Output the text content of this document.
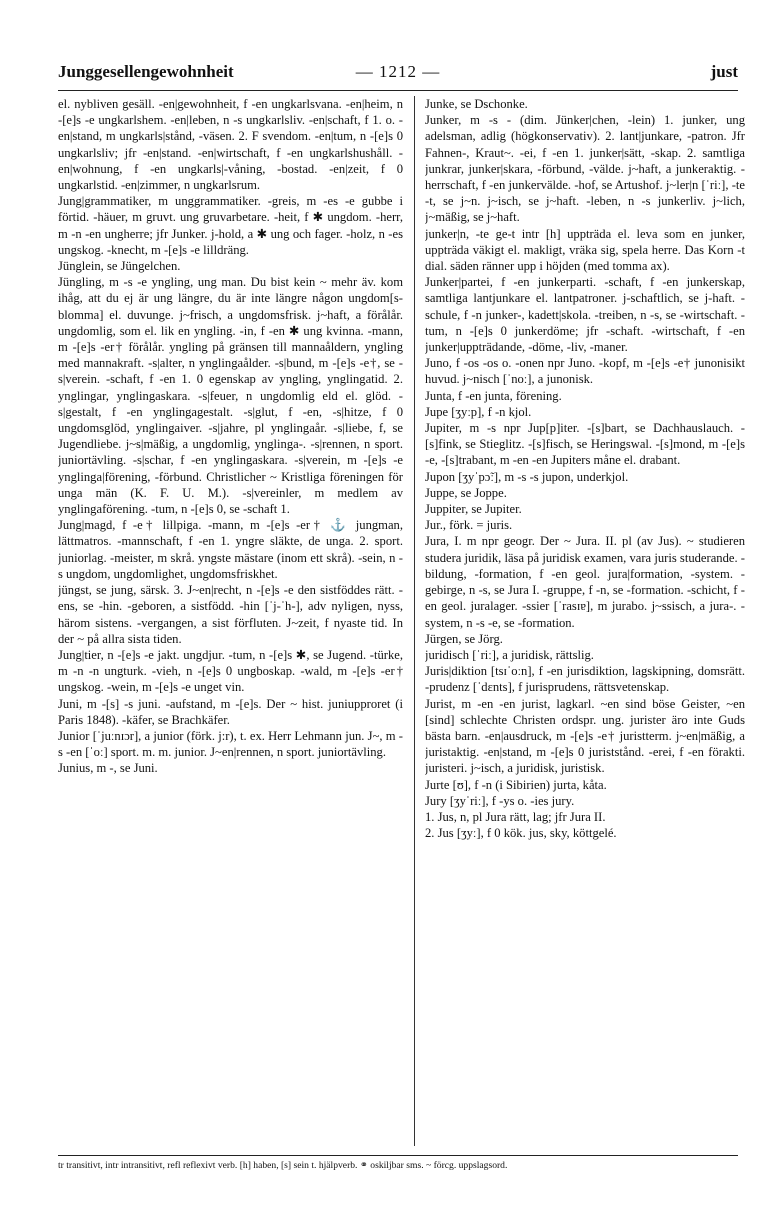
Junggesellengewohnheit	— 1212 —	just

el. nybliven gesäll. -en|gewohnheit, f -en ungkarlsvana. -en|heim, n -[e]s -e ungkarlshem. -en|leben, n -s ungkarlsliv. -en|schaft, f 1. o. -en|stand, m ungkarls|stånd, -väsen. 2. F svendom. -en|tum, n -[e]s 0 ungkarlsliv; jfr -en|stand. -en|wirtschaft, f -en ungkarlshushåll. -en|wohnung, f -en ungkarls|-våning, -bostad. -en|zeit, f 0 ungkarlstid. -en|zimmer, n ungkarlsrum.

Jung|grammatiker, m unggrammatiker. -greis, m -es -e gubbe i förtid. -häuer, m gruvt. ung gruvarbetare. -heit, f ✱ ungdom. -herr, m -n -en ungherre; jfr Junker. j-hold, a ✱ ung och fager. -holz, n -es ungskog. -knecht, m -[e]s -e lilldräng.

Jünglein, se Jüngelchen.

Jüngling, m -s -e yngling, ung man. Du bist kein ~ mehr äv. kom ihåg, att du ej är ung längre, du är inte längre någon ungdom[s-blomma] el. duvunge. j~frisch, a ungdomsfrisk. j~haft, a förålår. ungdomlig, som el. lik en yngling. -in, f -en ✱ ung kvinna. -mann, m -[e]s -er† förålår. yngling på gränsen till mannaåldern, yngling med mannakraft. -s|alter, n ynglingaålder. -s|bund, m -[e]s -e†, se -s|verein. -schaft, f -en 1. 0 egenskap av yngling, ynglingatid. 2. ynglingar, ynglingaskara. -s|feuer, n ungdomlig eld el. glöd. -s|gestalt, f -en ynglingagestalt. -s|glut, f -en, -s|hitze, f 0 ungdomsglöd, ynglingaiver. -s|jahre, pl ynglingaår. -s|liebe, f, se Jugendliebe. j~s|mäßig, a ungdomlig, ynglinga-. -s|rennen, n sport. juniortävling. -s|schar, f -en ynglingaskara. -s|verein, m -[e]s -e ynglinga|förening, -förbund. Christlicher ~ Kristliga föreningen för unga män (K. F. U. M.). -s|vereinler, m medlem av ynglingaförening. -tum, n -[e]s 0, se -schaft 1.

Jung|magd, f -e† lillpiga. -mann, m -[e]s -er† ⚓ jungman, lättmatros. -mannschaft, f -en 1. yngre släkte, de unga. 2. sport. juniorlag. -meister, m skrå. yngste mästare (inom ett skrå). -sein, n -s ungdom, ungdomlighet, ungdomsfriskhet.

jüngst, se jung, särsk. 3. J~en|recht, n -[e]s -e den sistföddes rätt. -ens, se -hin. -geboren, a sistfödd. -hin [ˈj-ˈh-], adv nyligen, nyss, härom sistens. -vergangen, a sist förfluten. J~zeit, f nyaste tid. In der ~ på allra sista tiden.

Jung|tier, n -[e]s -e jakt. ungdjur. -tum, n -[e]s ✱, se Jugend. -türke, m -n -n ungturk. -vieh, n -[e]s 0 ungboskap. -wald, m -[e]s -er† ungskog. -wein, m -[e]s -e unget vin.

Juni, m -[s] -s juni. -aufstand, m -[e]s. Der ~ hist. juniupproret (i Paris 1848). -käfer, se Brachkäfer.

Junior [ˈjuːnɪɔr], a junior (förk. j:r), t. ex. Herr Lehmann jun. J~, m -s -en [ˈoː] sport. m. m. junior. J~en|rennen, n sport. juniortävling.

Junius, m -, se Juni.

Junke, se Dschonke.

Junker, m -s - (dim. Jünker|chen, -lein) 1. junker, ung adelsman, adlig (högkonservativ). 2. lant|junkare, -patron. Jfr Fahnen-, Kraut~. -ei, f -en 1. junker|sätt, -skap. 2. samtliga junkrar, junker|skara, -förbund, -välde. j~haft, a junkeraktig. -herrschaft, f -en junkervälde. -hof, se Artushof. j~ler|n [ˈriː], -te -t, se j~n. j~isch, se j~haft. -leben, n -s junkerliv. j~lich, j~mäßig, se j~haft.

junker|n, -te ge-t intr [h] uppträda el. leva som en junker, uppträda väkigt el. makligt, vräka sig, spela herre. Das Korn -t dial. säden ränner upp i höjden (med tomma ax).

Junker|partei, f -en junkerparti. -schaft, f -en junkerskap, samtliga lantjunkare el. lantpatroner. j-schaftlich, se j-haft. -schule, f -n junker-, kadett|skola. -treiben, n -s, se -wirtschaft. -tum, n -[e]s 0 junkerdöme; jfr -schaft. -wirtschaft, f -en junker|uppträdande, -döme, -liv, -maner.

Juno, f -os -os o. -onen npr Juno. -kopf, m -[e]s -e† junonisikt huvud. j~nisch [ˈnoː], a junonisk.

Junta, f -en junta, förening.

Jupe [ʒyːp], f -n kjol.

Jupiter, m -s npr Jup[p]iter. -[s]bart, se Dachhauslauch. -[s]fink, se Stieglitz. -[s]fisch, se Heringswal. -[s]mond, m -[e]s -e, -[s]trabant, m -en -en Jupiters måne el. drabant.

Jupon [ʒyˈpɔ̃ː], m -s -s jupon, underkjol.

Juppe, se Joppe.

Juppiter, se Jupiter.

Jur., förk. = juris.

Jura, I. m npr geogr. Der ~ Jura. II. pl (av Jus). ~ studieren studera juridik, läsa på juridisk examen, vara juris studerande. -bildung, -formation, f -en geol. jura|formation, -system. -gebirge, n -s, se Jura I. -gruppe, f -n, se -formation. -schicht, f -en geol. juralager. -ssier [ˈrasɪɐ], m jurabo. j~ssisch, a jura-. -system, n -s -e, se -formation.

Jürgen, se Jörg.

juridisch [ˈriː], a juridisk, rättslig.

Juris|diktion [tsɪˈoːn], f -en jurisdiktion, lagskipning, domsrätt. -prudenz [ˈdɛnts], f jurisprudens, rättsvetenskap.

Jurist, m -en -en jurist, lagkarl. ~en sind böse Geister, ~en [sind] schlechte Christen ordspr. ung. jurister äro inte Guds bästa barn. -en|ausdruck, m -[e]s -e† juristterm. j~en|mäßig, a juristaktig. -en|stand, m -[e]s 0 juriststånd. -erei, f -en förakti. juristeri. j~isch, a juridisk, juristisk.

Jurte [ʊ], f -n (i Sibirien) jurta, kåta.

Jury [ʒyˈriː], f -ys o. -ies jury.

1. Jus, n, pl Jura rätt, lag; jfr Jura II.

2. Jus [ʒyː], f 0 kök. jus, sky, köttgelé.

tr transitivt, intr intransitivt, refl reflexivt verb. [h] haben, [s] sein t. hjälpverb. ⚭ oskiljbar sms. ~ förcg. uppslagsord.
